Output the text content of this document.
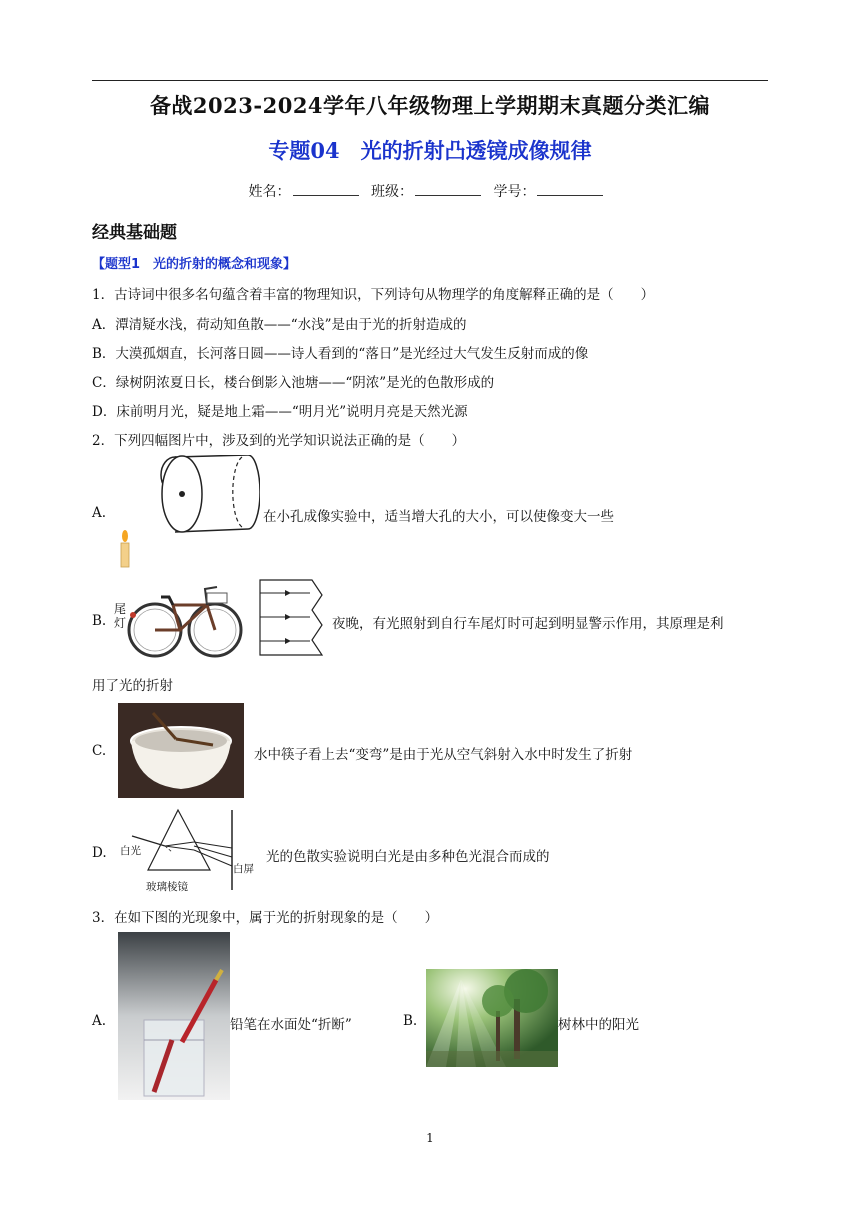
备战2023-2024学年八年级物理上学期期末真题分类汇编
专题04　光的折射凸透镜成像规律
姓名：	班级：	学号：
经典基础题
【题型1　光的折射的概念和现象】
1．古诗词中很多名句蕴含着丰富的物理知识，下列诗句从物理学的角度解释正确的是（　　）
A．潭清疑水浅，荷动知鱼散——“水浅”是由于光的折射造成的
B．大漠孤烟直，长河落日圆——诗人看到的“落日”是光经过大气发生反射而成的像
C．绿树阴浓夏日长，楼台倒影入池塘——“阴浓”是光的色散形成的
D．床前明月光，疑是地上霜——“明月光”说明月亮是天然光源
2．下列四幅图片中，涉及到的光学知识说法正确的是（　　）
A.	在小孔成像实验中，适当增大孔的大小，可以使像变大一些
B.
尾灯	夜晚，有光照射到自行车尾灯时可起到明显警示作用，其原理是利
用了光的折射
C.	水中筷子看上去“变弯”是由于光从空气斜射入水中时发生了折射
D. 白光
白屏
玻璃棱镜
光的色散实验说明白光是由多种色光混合而成的
3．在如下图的光现象中，属于光的折射现象的是（　　）
A.	铅笔在水面处“折断”	B.	树林中的阳光
1
